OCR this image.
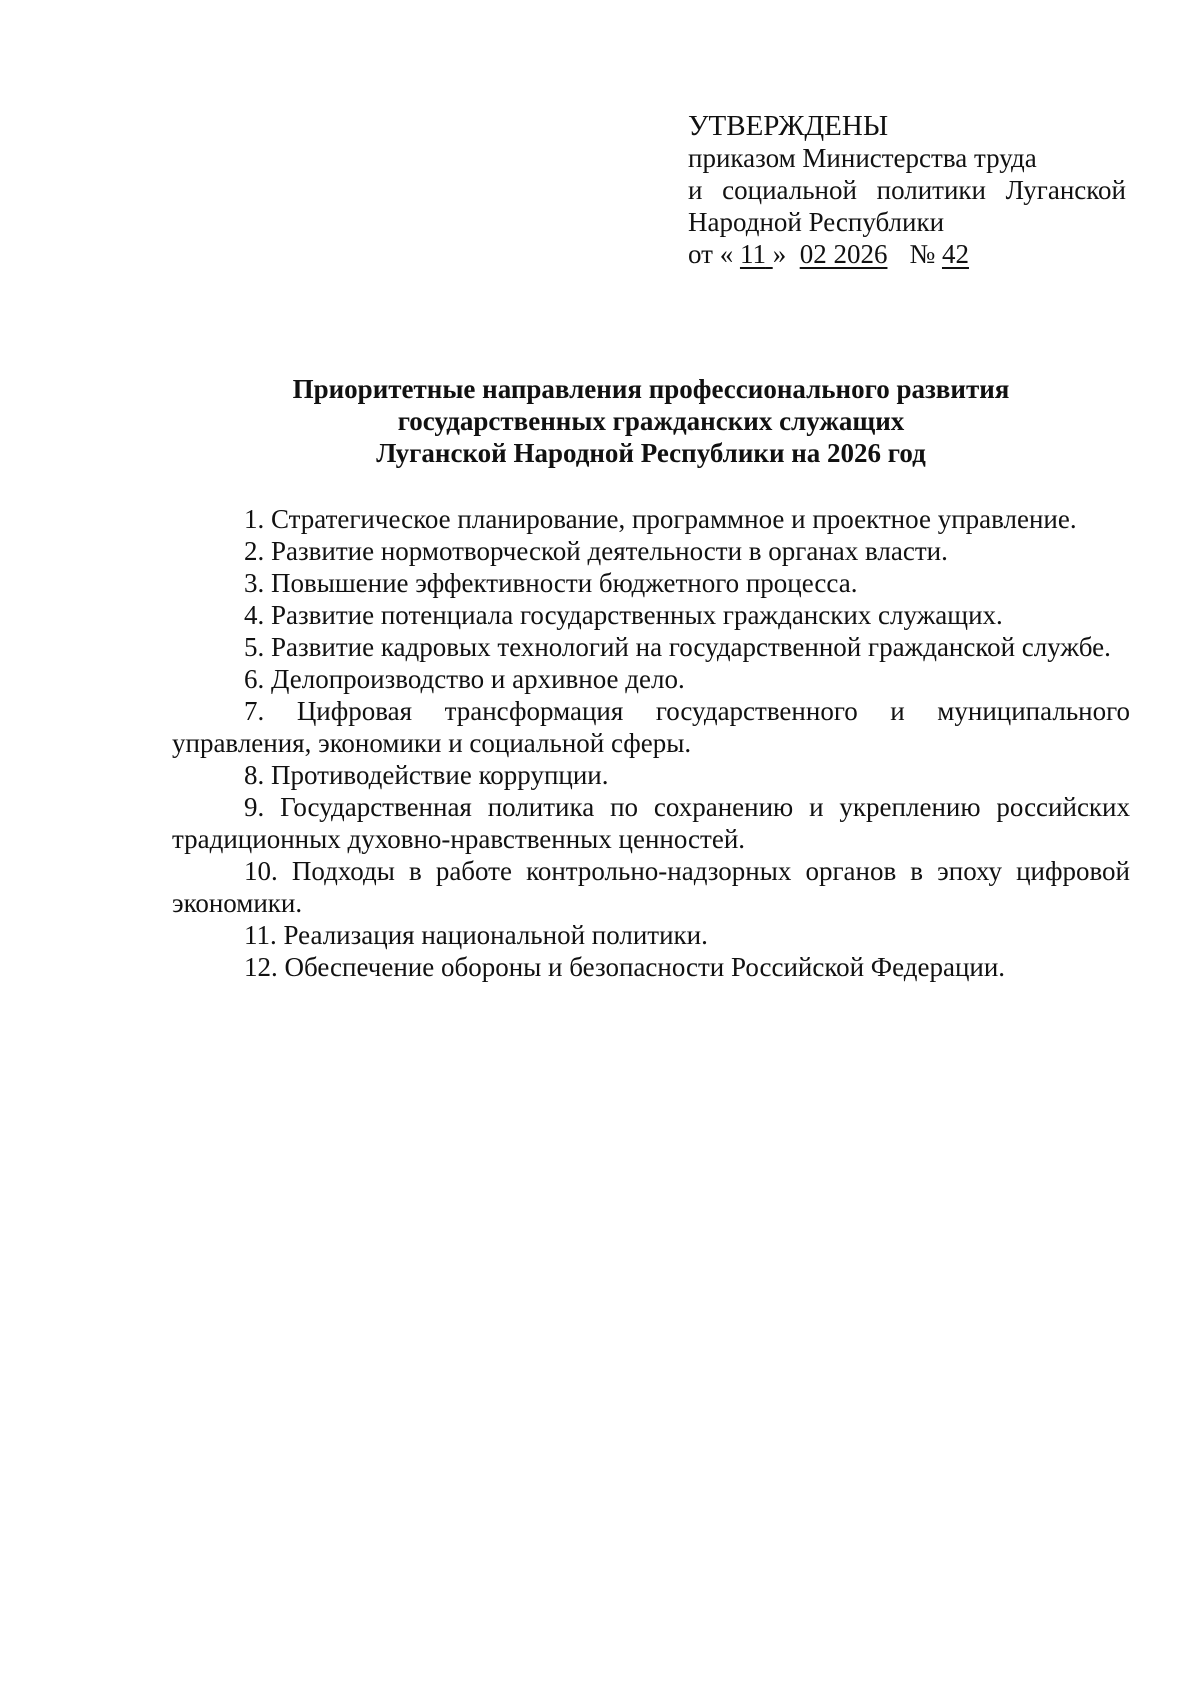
УТВЕРЖДЕНЫ
приказом Министерства труда
и социальной политики Луганской
Народной Республики
от « 11 » 02 2026 № 42
Приоритетные направления профессионального развития
государственных гражданских служащих
Луганской Народной Республики на 2026 год

1. Стратегическое планирование, программное и проектное управление.

2. Развитие нормотворческой деятельности в органах власти.

3. Повышение эффективности бюджетного процесса.

4. Развитие потенциала государственных гражданских служащих.

5. Развитие кадровых технологий на государственной гражданской службе.

6. Делопроизводство и архивное дело.

7. Цифровая трансформация государственного и муниципального управления, экономики и социальной сферы.

8. Противодействие коррупции.

9. Государственная политика по сохранению и укреплению российских традиционных духовно-нравственных ценностей.

10. Подходы в работе контрольно-надзорных органов в эпоху цифровой экономики.

11. Реализация национальной политики.

12. Обеспечение обороны и безопасности Российской Федерации.
